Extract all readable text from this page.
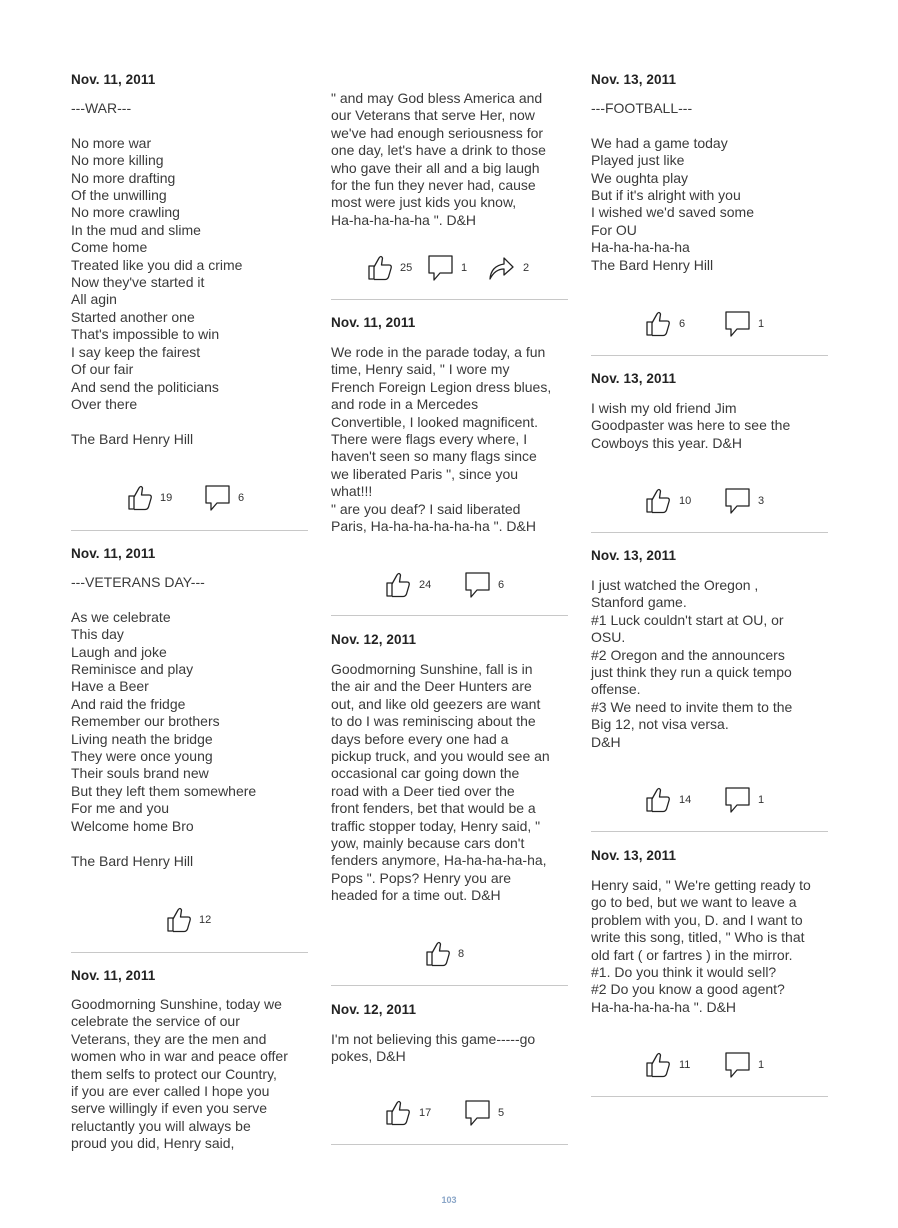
Nov. 11, 2011
---WAR---

No more war
No more killing
No more drafting
Of the unwilling
No more crawling
In the mud and slime
Come home
Treated like you did a crime
Now they've started it
All agin
Started another one
That's impossible to win
I say keep the fairest
Of our fair
And send the politicians
Over there

The Bard Henry Hill
19	6
Nov. 11, 2011
---VETERANS DAY---

As we celebrate
This day
Laugh and joke
Reminisce and play
Have a Beer
And raid the fridge
Remember our brothers
Living neath the bridge
They were once young
Their souls brand new
But they left them somewhere
For me and you
Welcome home Bro

The Bard Henry Hill
12
Nov. 11, 2011
Goodmorning Sunshine, today we
celebrate the service of our
Veterans, they are the men and
women who in war and peace offer
them selfs to protect our Country,
if you are ever called I hope you
serve willingly if even you serve
reluctantly you will always be
proud you did, Henry said,
" and may God bless America and
our Veterans that serve Her, now
we've had enough seriousness for
one day, let's have a drink to those
who gave their all and a big laugh
for the fun they never had, cause
most were just kids you know,
Ha-ha-ha-ha-ha ". D&H
25	1	2
Nov. 11, 2011
We rode in the parade today, a fun
time, Henry said, " I wore my
French Foreign Legion dress blues,
and rode in a Mercedes
Convertible, I looked magnificent.
There were flags every where, I
haven't seen so many flags since
we liberated Paris ", since you
what!!!
" are you deaf? I said liberated
Paris, Ha-ha-ha-ha-ha-ha ". D&H
24	6
Nov. 12, 2011
Goodmorning Sunshine, fall is in
the air and the Deer Hunters are
out, and like old geezers are want
to do I was reminiscing about the
days before every one had a
pickup truck, and you would see an
occasional car going down the
road with a Deer tied over the
front fenders, bet that would be a
traffic stopper today, Henry said, "
yow, mainly because cars don't
fenders anymore, Ha-ha-ha-ha-ha,
Pops ". Pops? Henry you are
headed for a time out. D&H
8
Nov. 12, 2011
I'm not believing this game-----go
pokes, D&H
17	5
Nov. 13, 2011
---FOOTBALL---

We had a game today
Played just like
We oughta play
But if it's alright with you
I wished we'd saved some
For OU
Ha-ha-ha-ha-ha
The Bard Henry Hill
6	1
Nov. 13, 2011
I wish my old friend Jim
Goodpaster was here to see the
Cowboys this year. D&H
10	3
Nov. 13, 2011
I just watched the Oregon ,
Stanford game.
#1 Luck couldn't start at OU, or
OSU.
#2 Oregon and the announcers
just think they run a quick tempo
offense.
#3 We need to invite them to the
Big 12, not visa versa.
D&H
14	1
Nov. 13, 2011
Henry said, " We're getting ready to
go to bed, but we want to leave a
problem with you, D. and I want to
write this song, titled, " Who is that
old fart ( or fartres ) in the mirror.
#1. Do you think it would sell?
#2 Do you know a good agent?
Ha-ha-ha-ha-ha ". D&H
11	1
103
